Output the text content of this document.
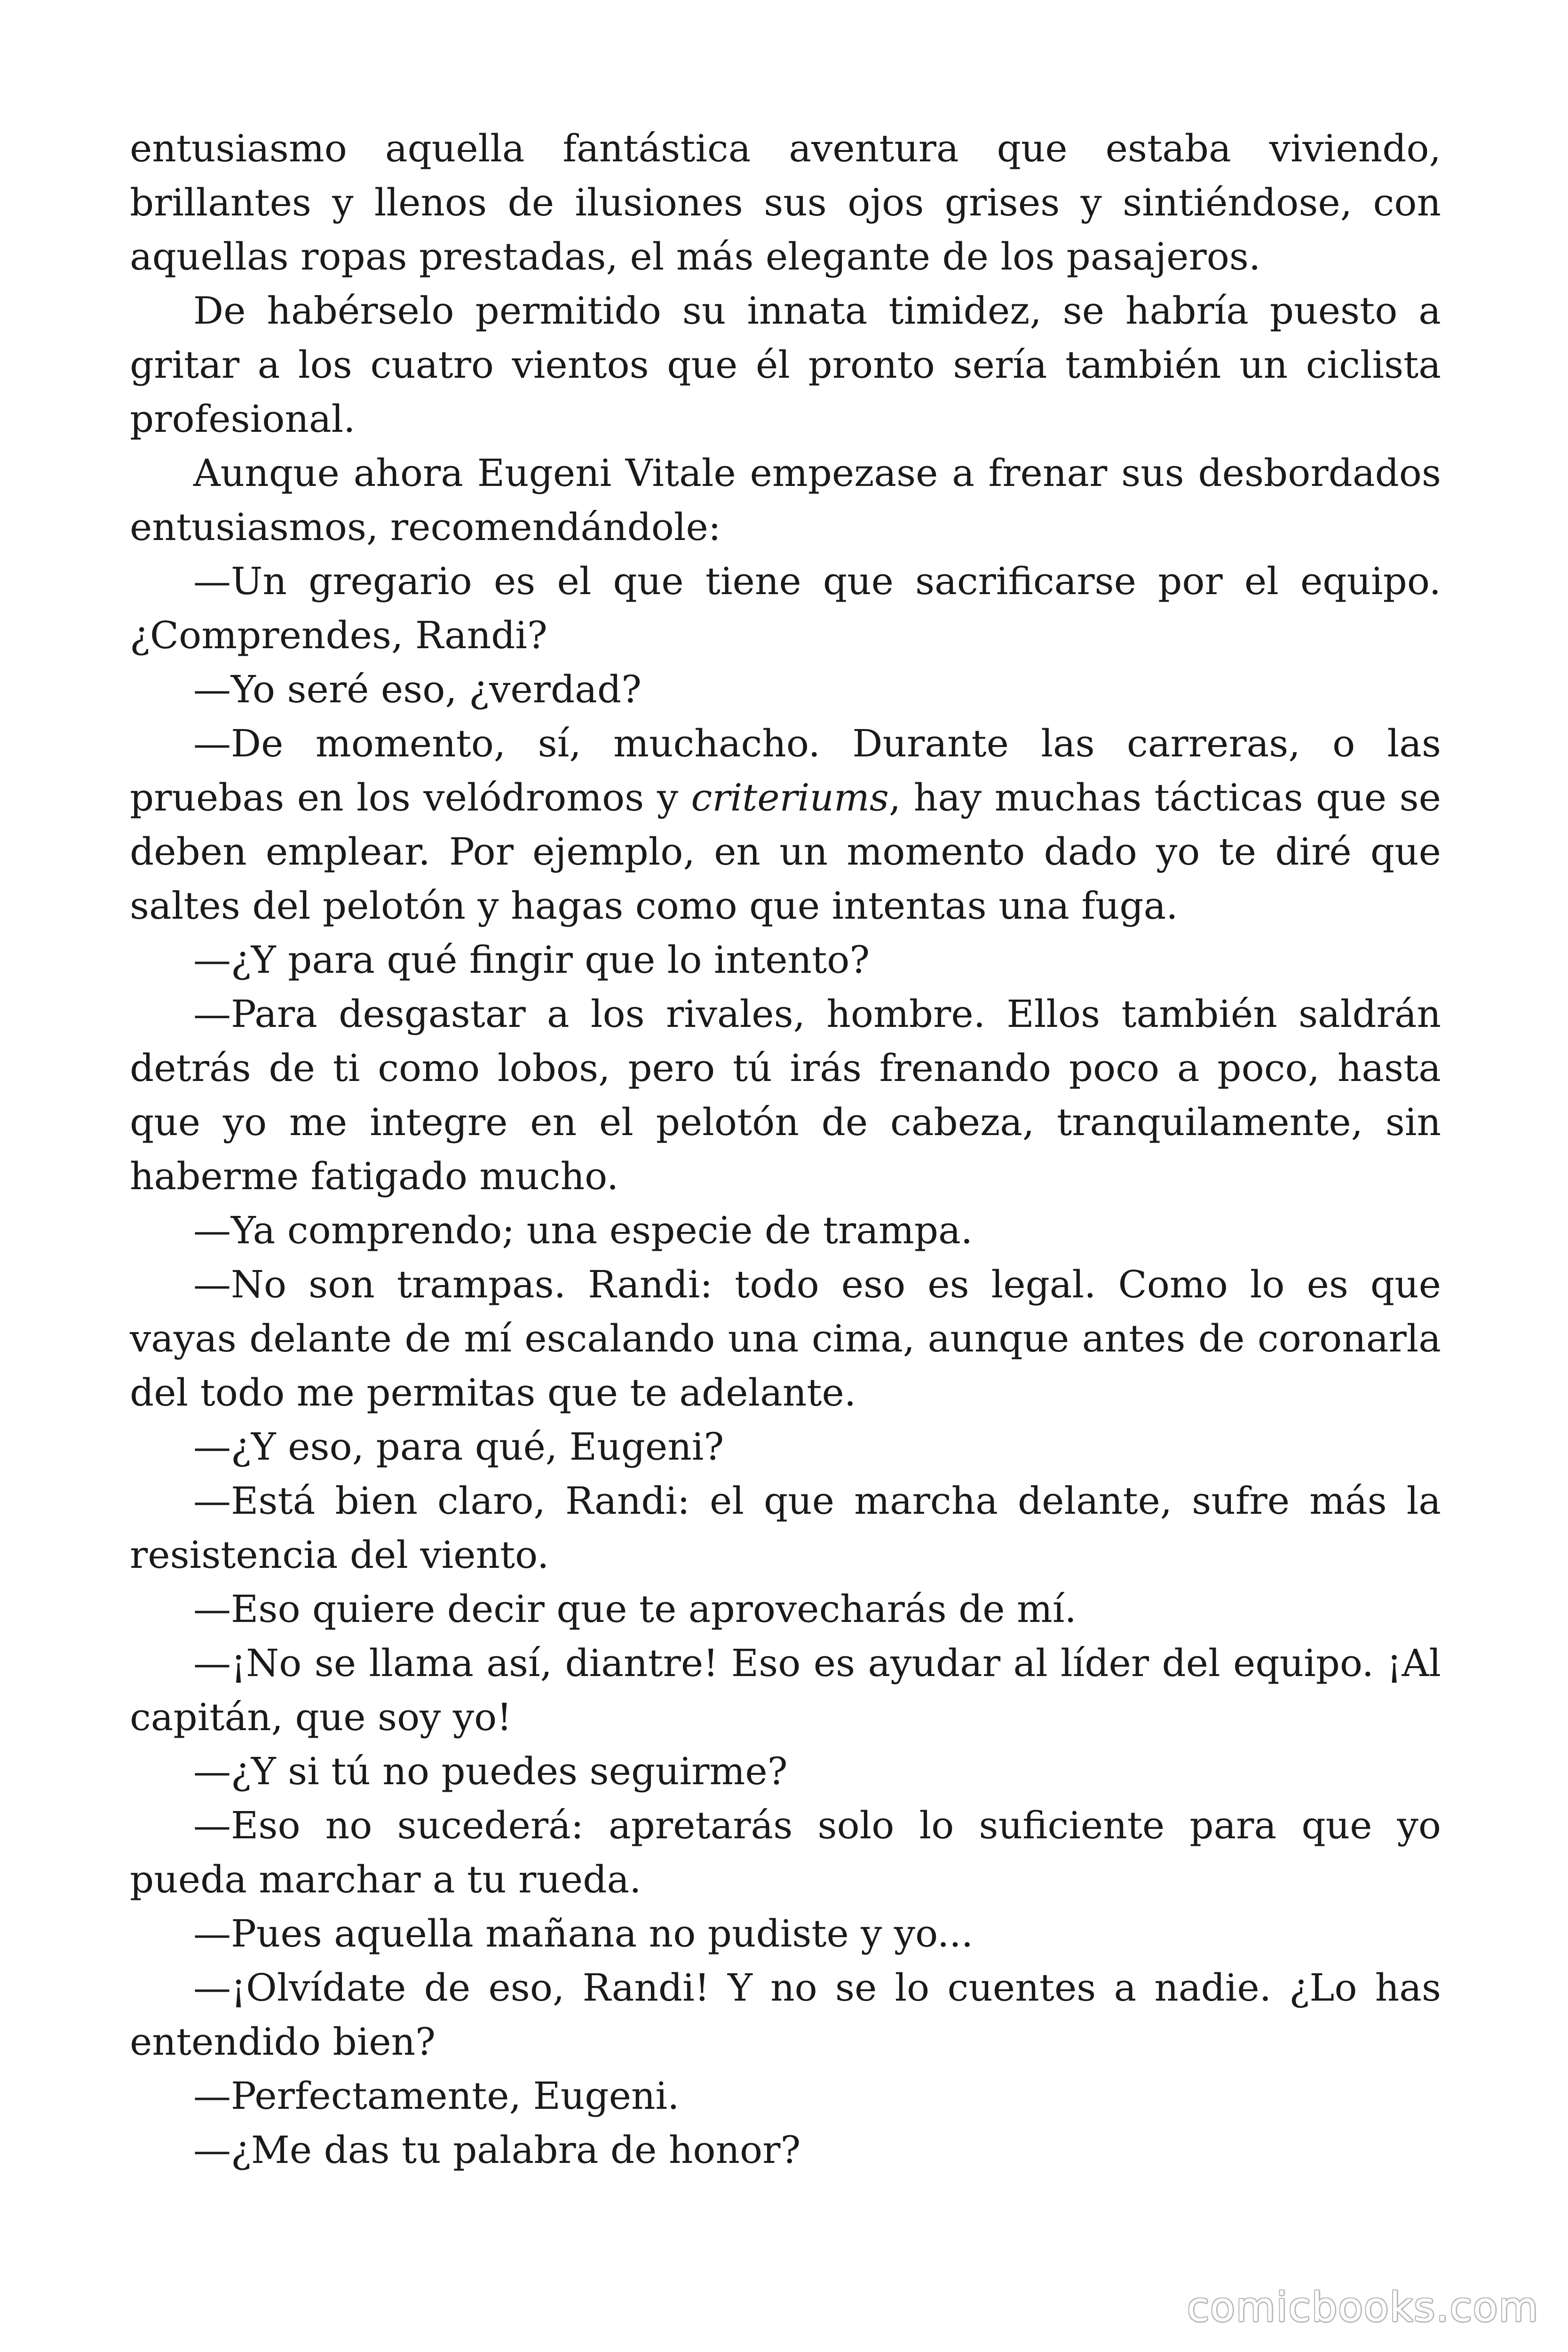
entusiasmo aquella fantástica aventura que estaba viviendo, brillantes y llenos de ilusiones sus ojos grises y sintiéndose, con aquellas ropas prestadas, el más elegante de los pasajeros.

De habérselo permitido su innata timidez, se habría puesto a gritar a los cuatro vientos que él pronto sería también un ciclista profesional.

Aunque ahora Eugeni Vitale empezase a frenar sus desbordados entusiasmos, recomendándole:

—Un gregario es el que tiene que sacrificarse por el equipo. ¿Comprendes, Randi?

—Yo seré eso, ¿verdad?

—De momento, sí, muchacho. Durante las carreras, o las pruebas en los velódromos y criteriums, hay muchas tácticas que se deben emplear. Por ejemplo, en un momento dado yo te diré que saltes del pelotón y hagas como que intentas una fuga.

—¿Y para qué fingir que lo intento?

—Para desgastar a los rivales, hombre. Ellos también saldrán detrás de ti como lobos, pero tú irás frenando poco a poco, hasta que yo me integre en el pelotón de cabeza, tranquilamente, sin haberme fatigado mucho.

—Ya comprendo; una especie de trampa.

—No son trampas. Randi: todo eso es legal. Como lo es que vayas delante de mí escalando una cima, aunque antes de coronarla del todo me permitas que te adelante.

—¿Y eso, para qué, Eugeni?

—Está bien claro, Randi: el que marcha delante, sufre más la resistencia del viento.

—Eso quiere decir que te aprovecharás de mí.

—¡No se llama así, diantre! Eso es ayudar al líder del equipo. ¡Al capitán, que soy yo!

—¿Y si tú no puedes seguirme?

—Eso no sucederá: apretarás solo lo suficiente para que yo pueda marchar a tu rueda.

—Pues aquella mañana no pudiste y yo...

—¡Olvídate de eso, Randi! Y no se lo cuentes a nadie. ¿Lo has entendido bien?

—Perfectamente, Eugeni.

—¿Me das tu palabra de honor?

comicbooks.com
